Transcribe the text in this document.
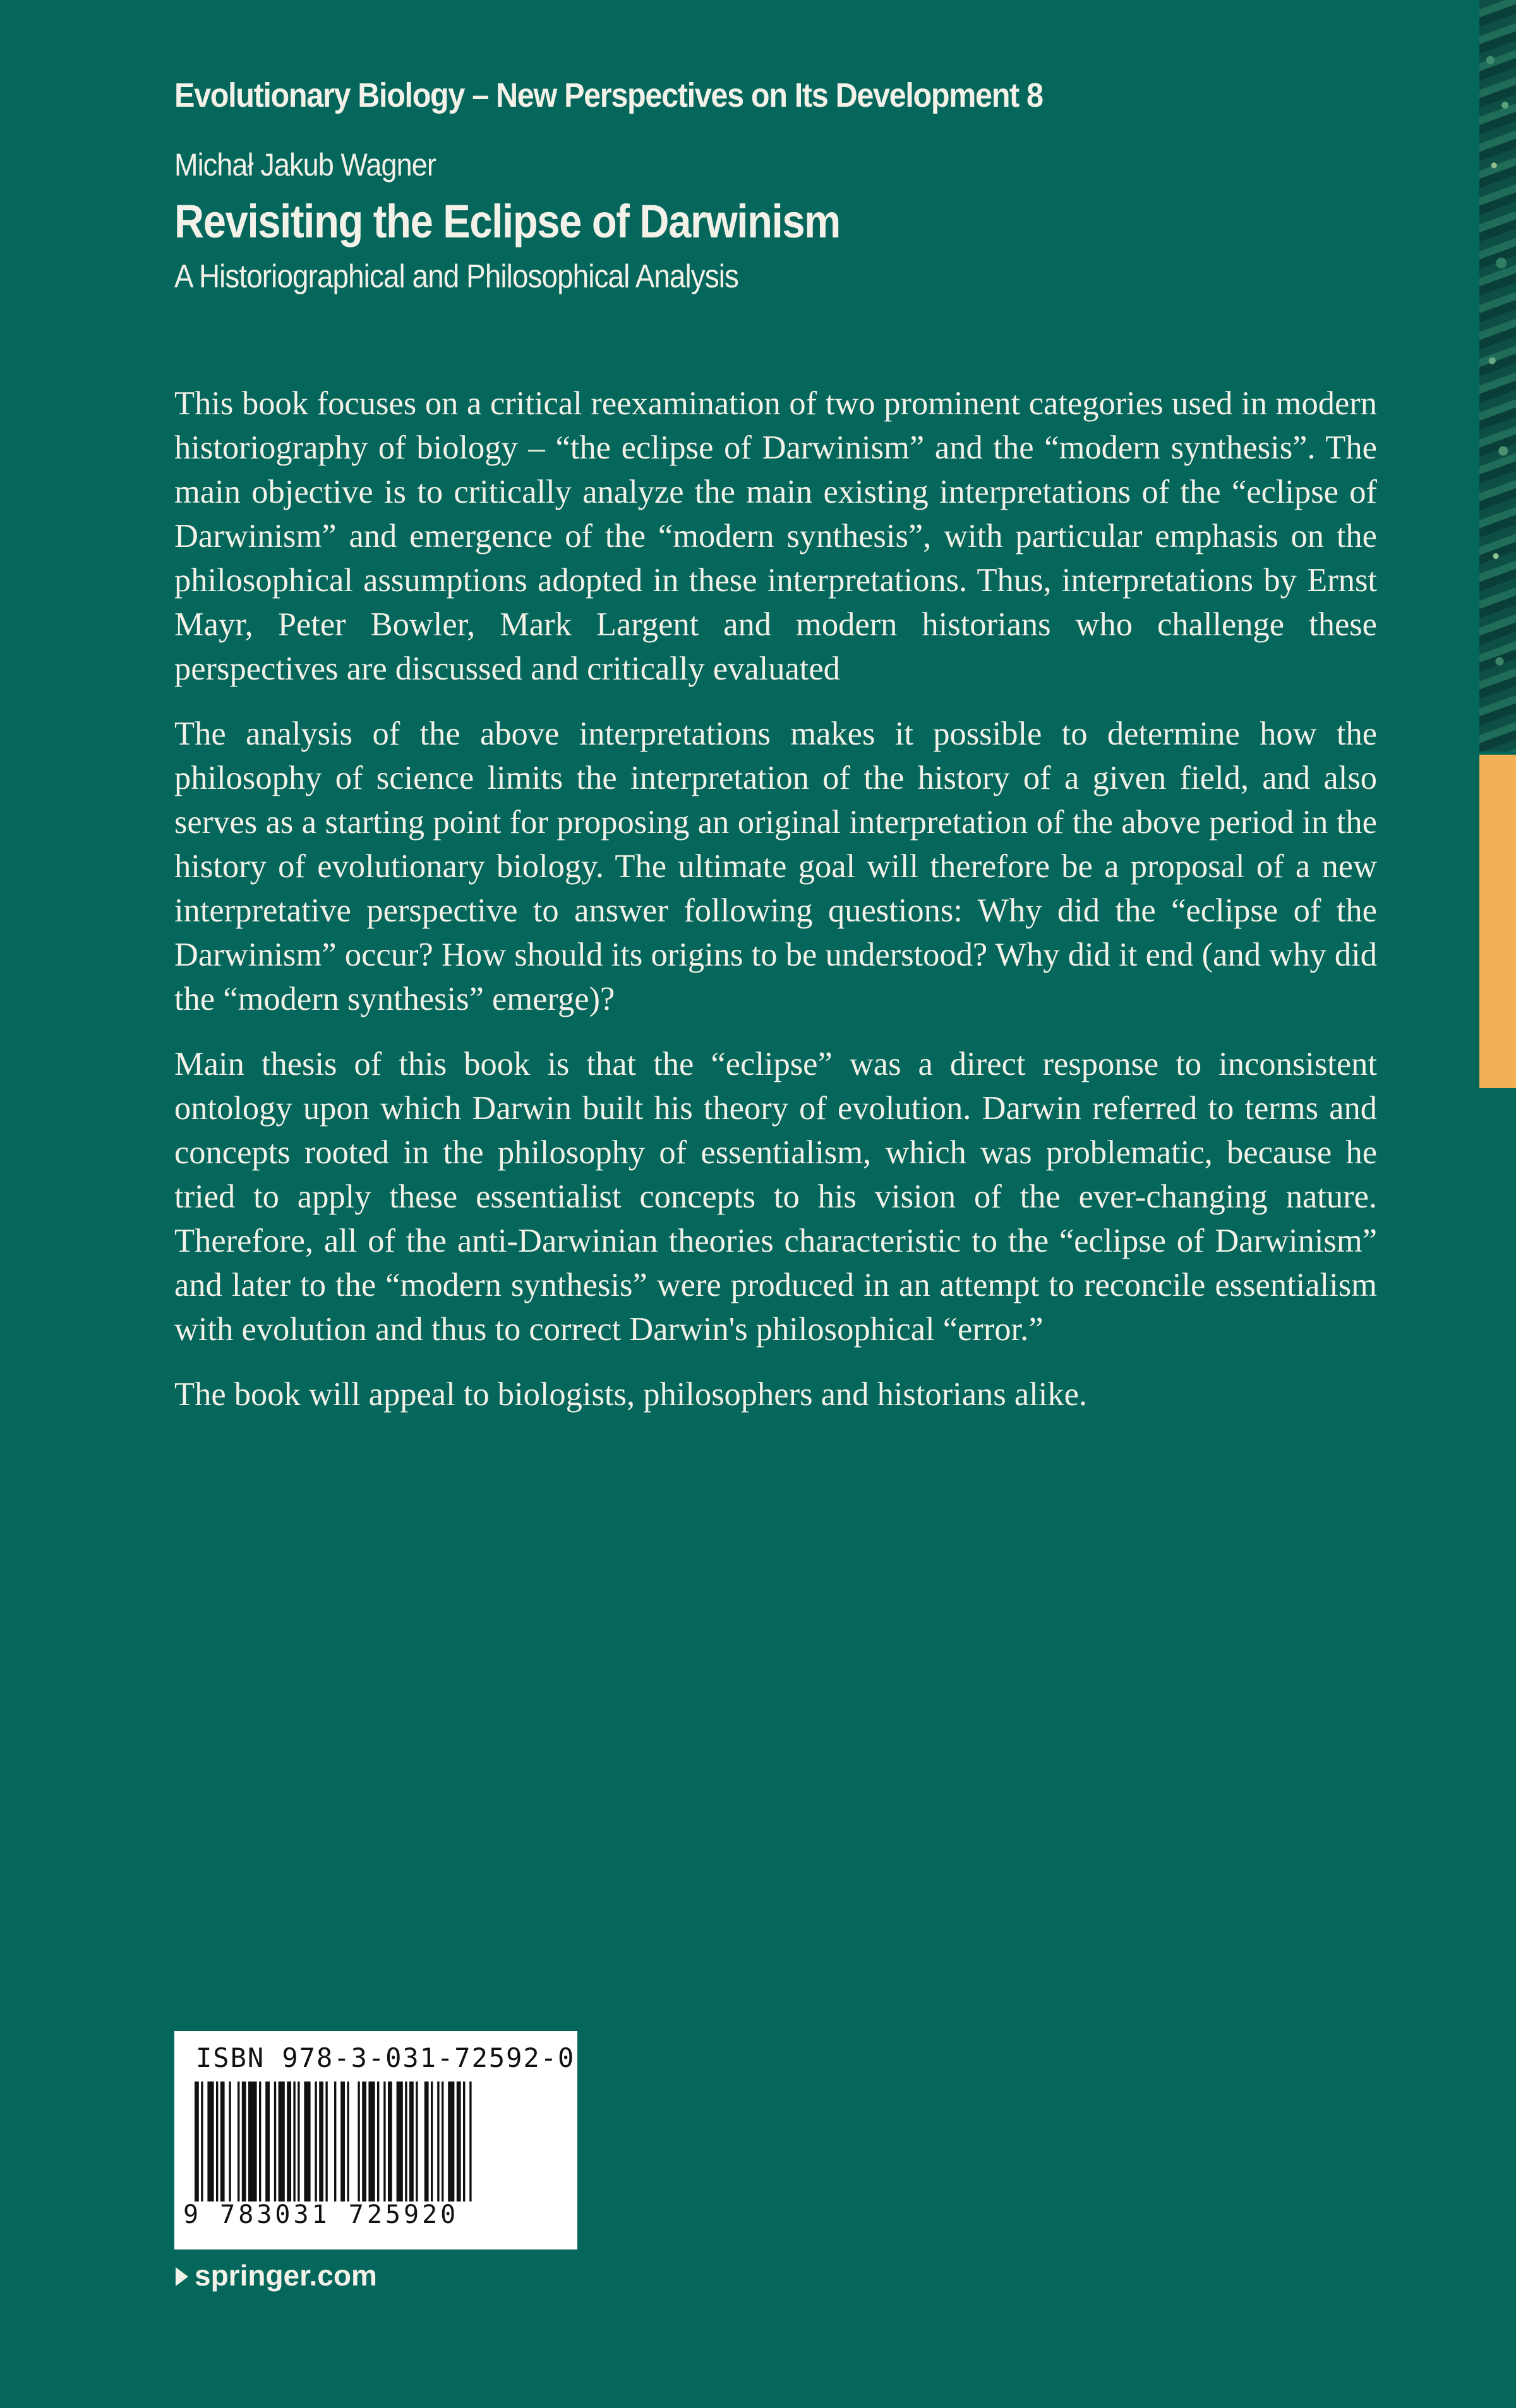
Evolutionary Biology – New Perspectives on Its Development 8
Michał Jakub Wagner
Revisiting the Eclipse of Darwinism
A Historiographical and Philosophical Analysis

This book focuses on a critical reexamination of two prominent categories used in modern historiography of biology – “the eclipse of Darwinism” and the “modern synthesis”. The main objective is to critically analyze the main existing interpretations of the “eclipse of Darwinism” and emergence of the “modern synthesis”, with particular emphasis on the philosophical assumptions adopted in these interpretations. Thus, interpretations by Ernst Mayr, Peter Bowler, Mark Largent and modern historians who challenge these perspectives are discussed and critically evaluated

The analysis of the above interpretations makes it possible to determine how the philosophy of science limits the interpretation of the history of a given field, and also serves as a starting point for proposing an original interpretation of the above period in the history of evolutionary biology. The ultimate goal will therefore be a proposal of a new interpretative perspective to answer following questions: Why did the “eclipse of the Darwinism” occur? How should its origins to be understood? Why did it end (and why did the “modern synthesis” emerge)?

Main thesis of this book is that the “eclipse” was a direct response to inconsistent ontology upon which Darwin built his theory of evolution. Darwin referred to terms and concepts rooted in the philosophy of essentialism, which was problematic, because he tried to apply these essentialist concepts to his vision of the ever-changing nature. Therefore, all of the anti-Darwinian theories characteristic to the “eclipse of Darwinism” and later to the “modern synthesis” were produced in an attempt to reconcile essentialism with evolution and thus to correct Darwin's philosophical “error.”

The book will appeal to biologists, philosophers and historians alike.

ISBN 978-3-031-72592-0
9 783031 725920
springer.com
